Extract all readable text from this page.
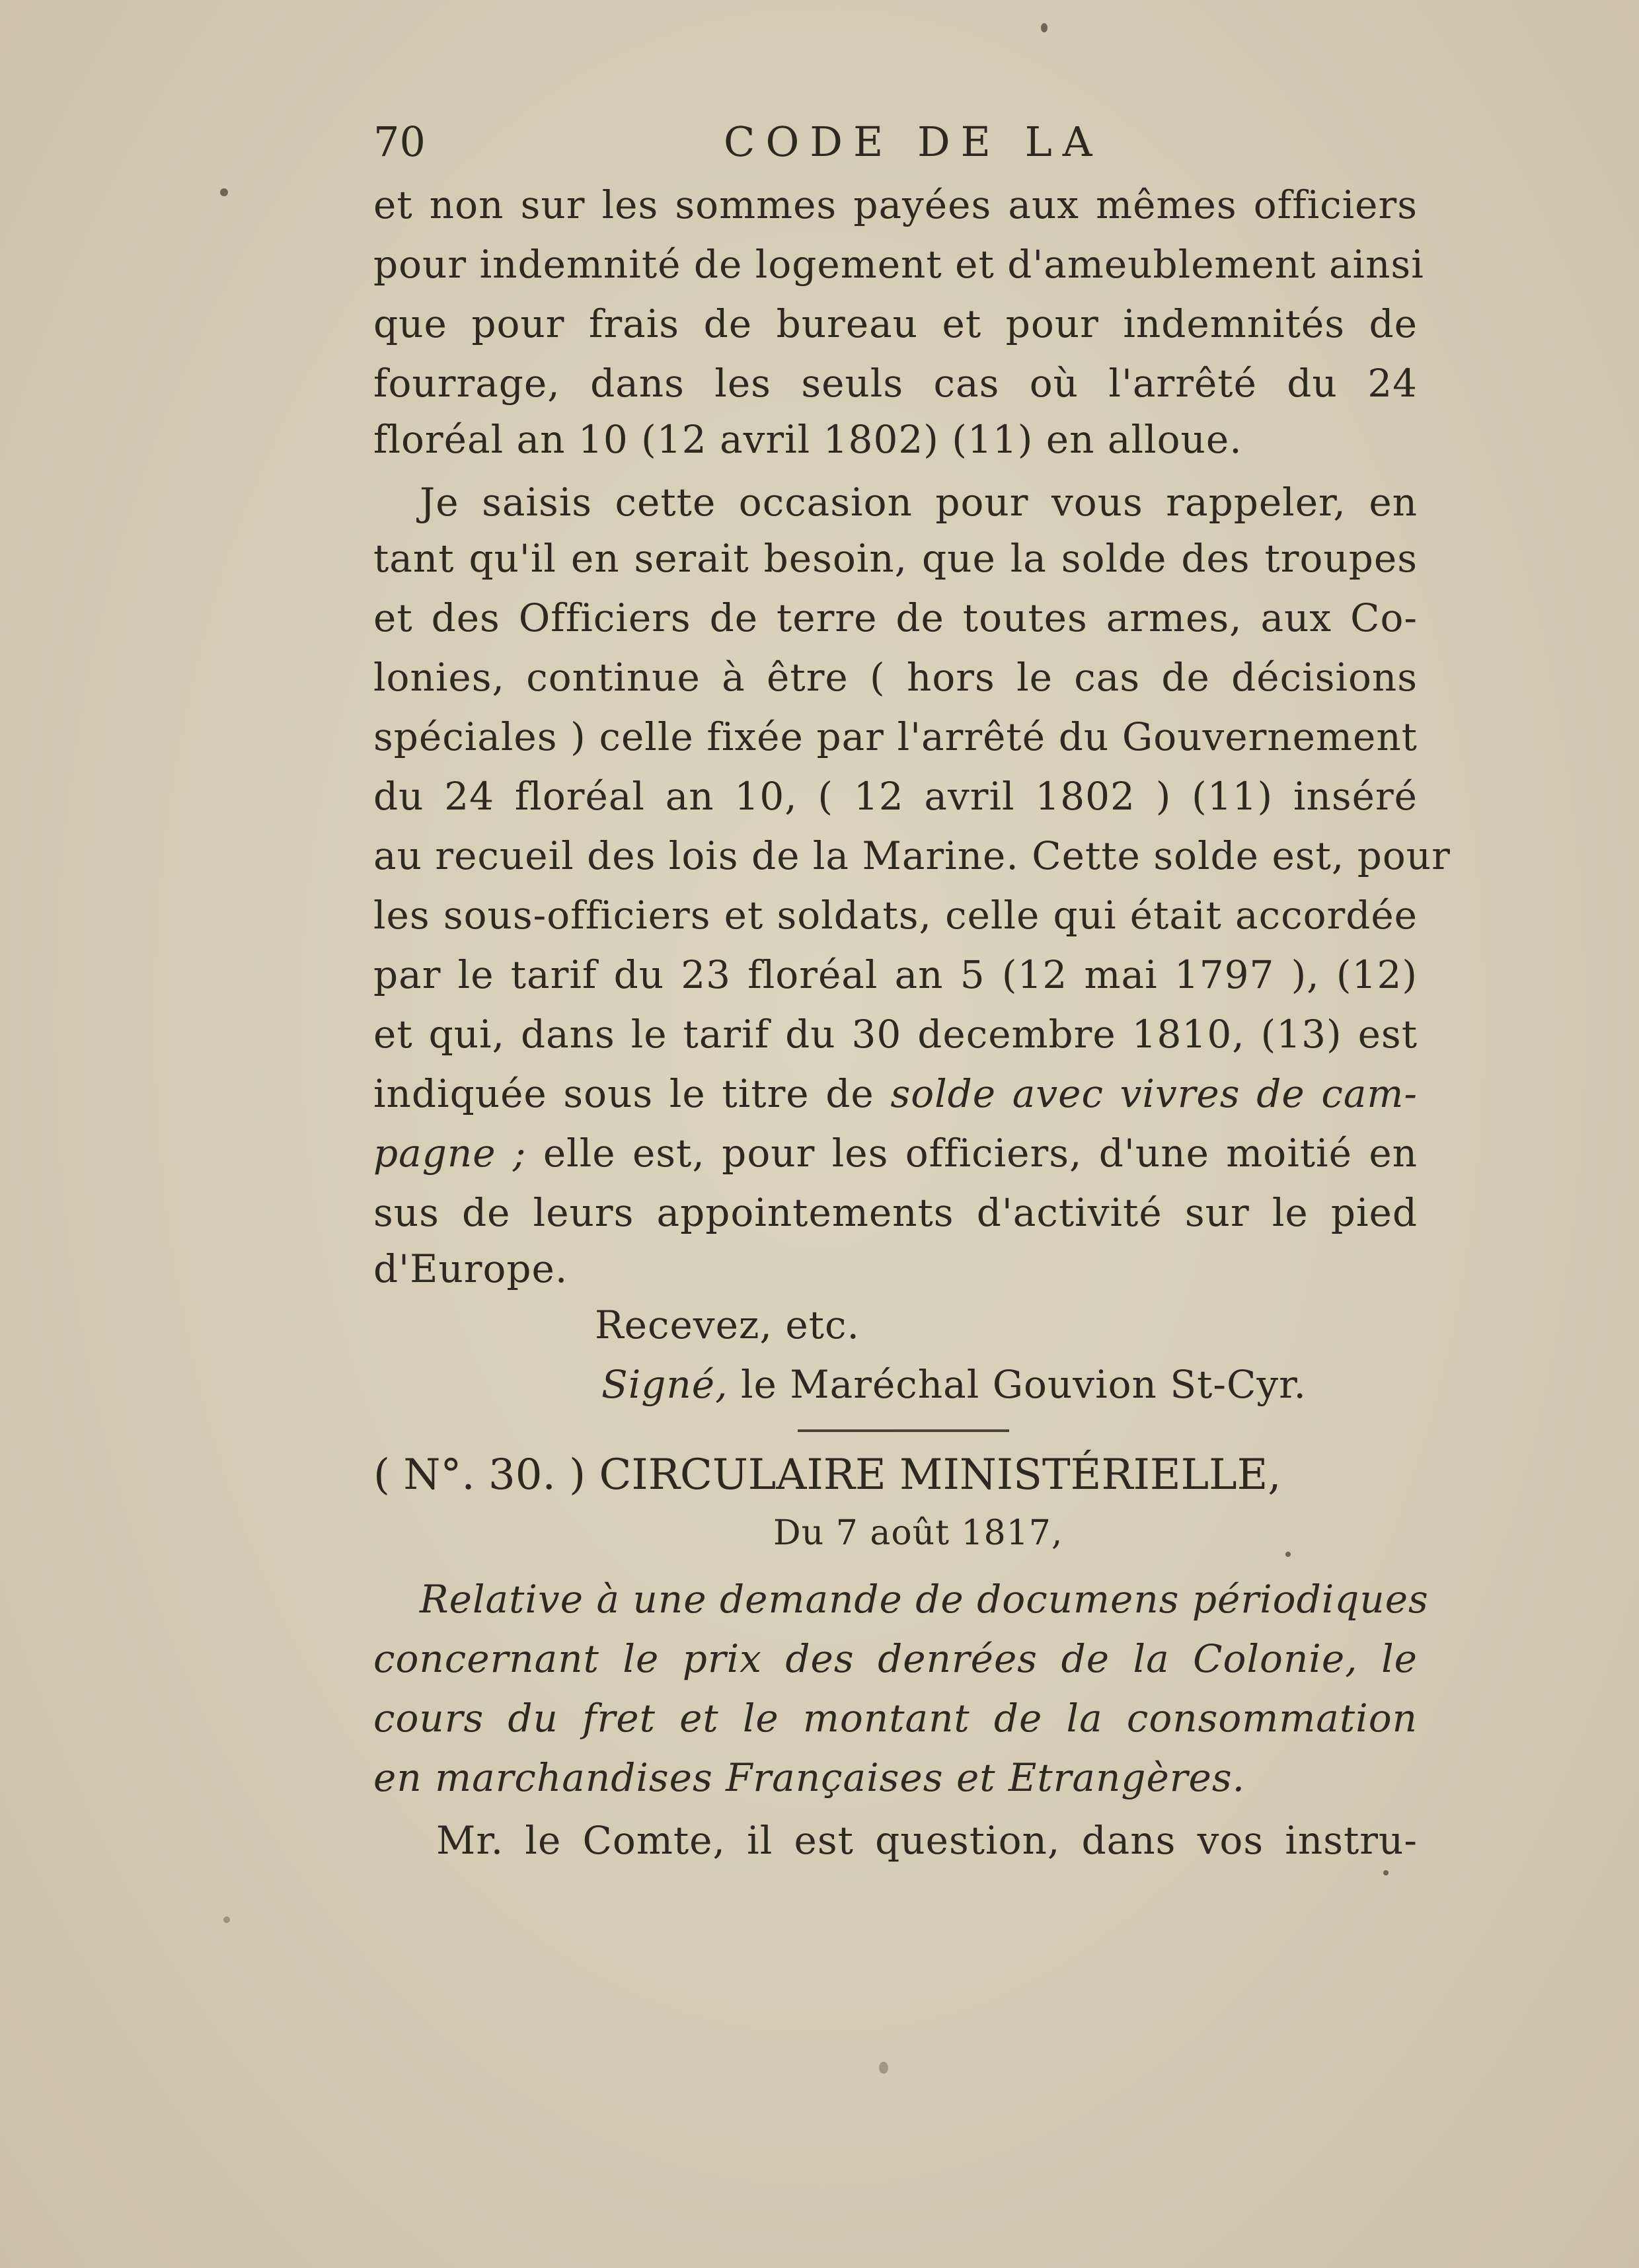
70	CODE DE LA
et non sur les sommes payées aux mêmes officiers
pour indemnité de logement et d'ameublement ainsi
que pour frais de bureau et pour indemnités de
fourrage, dans les seuls cas où l'arrêté du 24
floréal an 10 (12 avril 1802) (11) en alloue.
Je saisis cette occasion pour vous rappeler, en
tant qu'il en serait besoin, que la solde des troupes
et des Officiers de terre de toutes armes, aux Co-
lonies, continue à être ( hors le cas de décisions
spéciales ) celle fixée par l'arrêté du Gouvernement
du 24 floréal an 10, ( 12 avril 1802 ) (11) inséré
au recueil des lois de la Marine. Cette solde est, pour
les sous-officiers et soldats, celle qui était accordée
par le tarif du 23 floréal an 5 (12 mai 1797 ), (12)
et qui, dans le tarif du 30 decembre 1810, (13) est
indiquée sous le titre de solde avec vivres de cam-
pagne ; elle est, pour les officiers, d'une moitié en
sus de leurs appointements d'activité sur le pied
d'Europe.
Recevez, etc.
Signé, le Maréchal Gouvion St-Cyr.
( N°. 30. ) CIRCULAIRE MINISTÉRIELLE,
Du 7 août 1817,
Relative à une demande de documens périodiques
concernant le prix des denrées de la Colonie, le
cours du fret et le montant de la consommation
en marchandises Françaises et Etrangères.
Mr. le Comte, il est question, dans vos instru-
